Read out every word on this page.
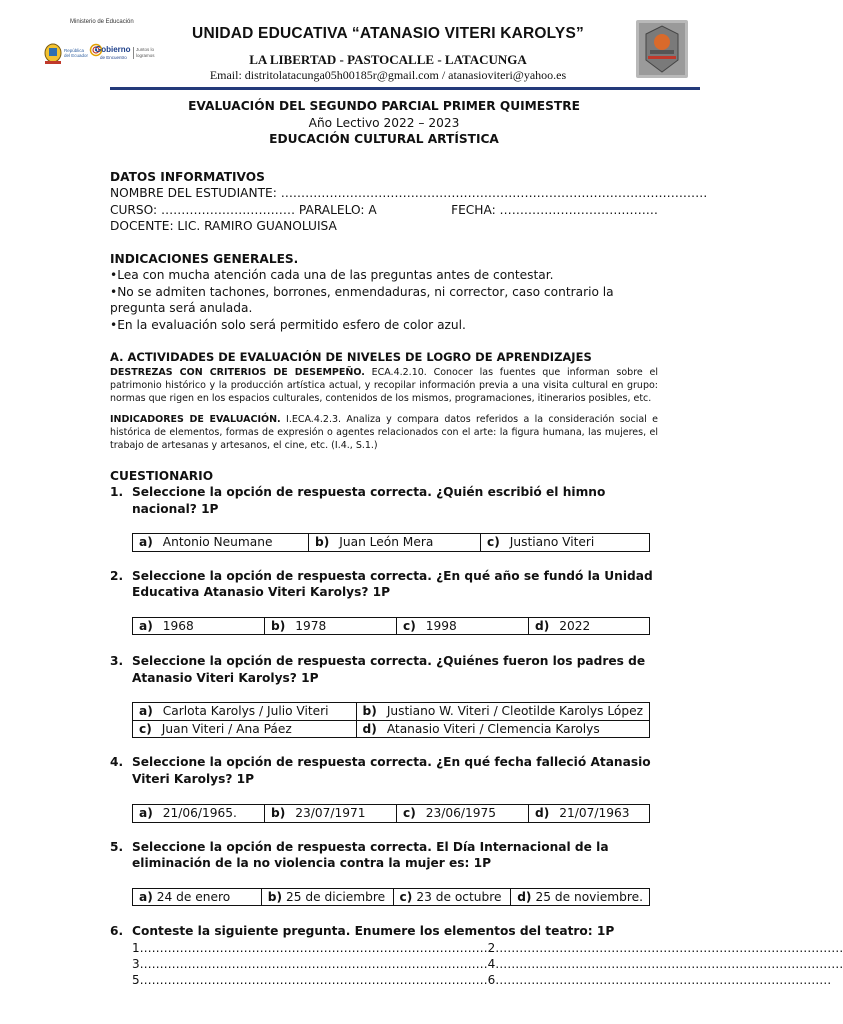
Ministerio de Educación
República del Ecuador
Gobierno
de Encuentro
Juntos lo logramos
UNIDAD EDUCATIVA “ATANASIO VITERI KAROLYS”
LA LIBERTAD - PASTOCALLE - LATACUNGA
Email: distritolatacunga05h00185r@gmail.com / atanasioviteri@yahoo.es
EVALUACIÓN DEL SEGUNDO PARCIAL PRIMER QUIMESTRE
Año Lectivo 2022 – 2023
EDUCACIÓN CULTURAL ARTÍSTICA
DATOS INFORMATIVOS
NOMBRE DEL ESTUDIANTE: ……………………………………………………………………………………………
CURSO: …………………………… PARALELO: A	FECHA: …………………………………
DOCENTE: LIC. RAMIRO GUANOLUISA
INDICACIONES GENERALES.
•Lea con mucha atención cada una de las preguntas antes de contestar.
•No se admiten tachones, borrones, enmendaduras, ni corrector, caso contrario la pregunta será anulada.
•En la evaluación solo será permitido esfero de color azul.
A. ACTIVIDADES DE EVALUACIÓN DE NIVELES DE LOGRO DE APRENDIZAJES
DESTREZAS CON CRITERIOS DE DESEMPEÑO. ECA.4.2.10. Conocer las fuentes que informan sobre el patrimonio histórico y la producción artística actual, y recopilar información previa a una visita cultural en grupo: normas que rigen en los espacios culturales, contenidos de los mismos, programaciones, itinerarios posibles, etc.
INDICADORES DE EVALUACIÓN. I.ECA.4.2.3. Analiza y compara datos referidos a la consideración social e histórica de elementos, formas de expresión o agentes relacionados con el arte: la figura humana, las mujeres, el trabajo de artesanas y artesanos, el cine, etc. (I.4., S.1.)
CUESTIONARIO
1. Seleccione la opción de respuesta correcta. ¿Quién escribió el himno nacional? 1P
a) Antonio Neumane	b) Juan León Mera	c) Justiano Viteri
2. Seleccione la opción de respuesta correcta. ¿En qué año se fundó la Unidad Educativa Atanasio Viteri Karolys? 1P
a) 1968	b) 1978	c) 1998	d) 2022
3. Seleccione la opción de respuesta correcta. ¿Quiénes fueron los padres de Atanasio Viteri Karolys? 1P
a) Carlota Karolys / Julio Viteri	b) Justiano W. Viteri / Cleotilde Karolys López
c) Juan Viteri / Ana Páez	d) Atanasio Viteri / Clemencia Karolys
4. Seleccione la opción de respuesta correcta. ¿En qué fecha falleció Atanasio Viteri Karolys? 1P
a) 21/06/1965.	b) 23/07/1971	c) 23/06/1975	d) 21/07/1963
5. Seleccione la opción de respuesta correcta. El Día Internacional de la eliminación de la no violencia contra la mujer es: 1P
a) 24 de enero	b) 25 de diciembre	c) 23 de octubre	d) 25 de noviembre.
6. Conteste la siguiente pregunta. Enumere los elementos del teatro: 1P
1……………………………………………………………………………2……………………………………………………………………………
3……………………………………………………………………………4……………………………………………………………………………
5……………………………………………………………………………6…………………………………………………………………………
